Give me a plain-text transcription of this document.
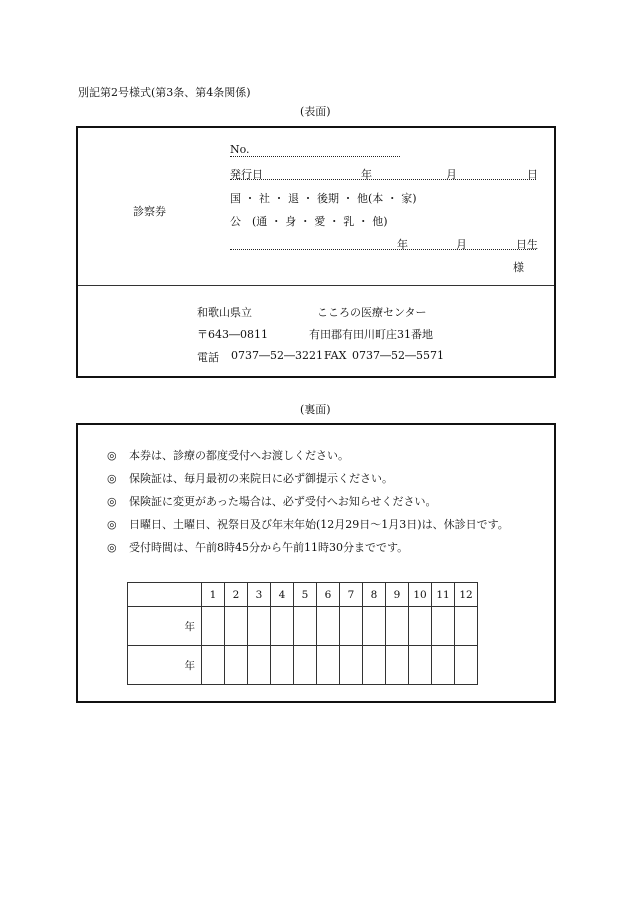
別記第2号様式(第3条、第4条関係)
(表面)
診察券
No.
発行日	年	月	日
国 ・ 社 ・ 退 ・ 後期 ・ 他(本 ・ 家)
公　(通 ・ 身 ・ 愛 ・ 乳 ・ 他)
年	月	日生
様
和歌山県立	こころの医療センター
〒643―0811	有田郡有田川町庄31番地
電話 0737―52―3221 FAX 0737―52―5571
(裏面)
◎ 本券は、診療の都度受付へお渡しください。
◎ 保険証は、毎月最初の来院日に必ず御提示ください。
◎ 保険証に変更があった場合は、必ず受付へお知らせください。
◎ 日曜日、土曜日、祝祭日及び年末年始(12月29日～1月3日)は、休診日です。
◎ 受付時間は、午前8時45分から午前11時30分までです。
	1	2	3	4	5	6	7	8	9	10	11	12
年												
年												
